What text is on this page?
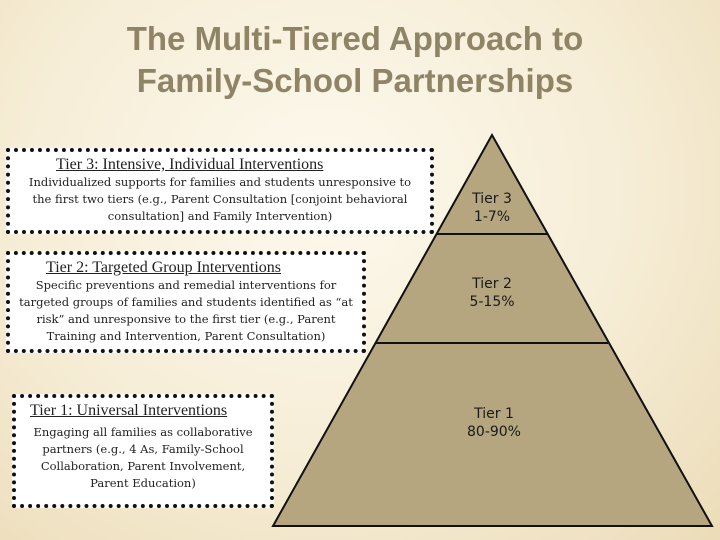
The Multi-Tiered Approach to
Family-School Partnerships
Tier 3
1-7%
Tier 2
5-15%
Tier 1
80-90%
Tier 3: Intensive, Individual Interventions
Individualized supports for families and students unresponsive to the first two tiers (e.g., Parent Consultation [conjoint behavioral consultation] and Family Intervention)
Tier 2: Targeted Group Interventions
Specific preventions and remedial interventions for targeted groups of families and students identified as “at risk” and unresponsive to the first tier (e.g., Parent Training and Intervention, Parent Consultation)
Tier 1: Universal Interventions
Engaging all families as collaborative partners (e.g., 4 As, Family-School Collaboration, Parent Involvement, Parent Education)
